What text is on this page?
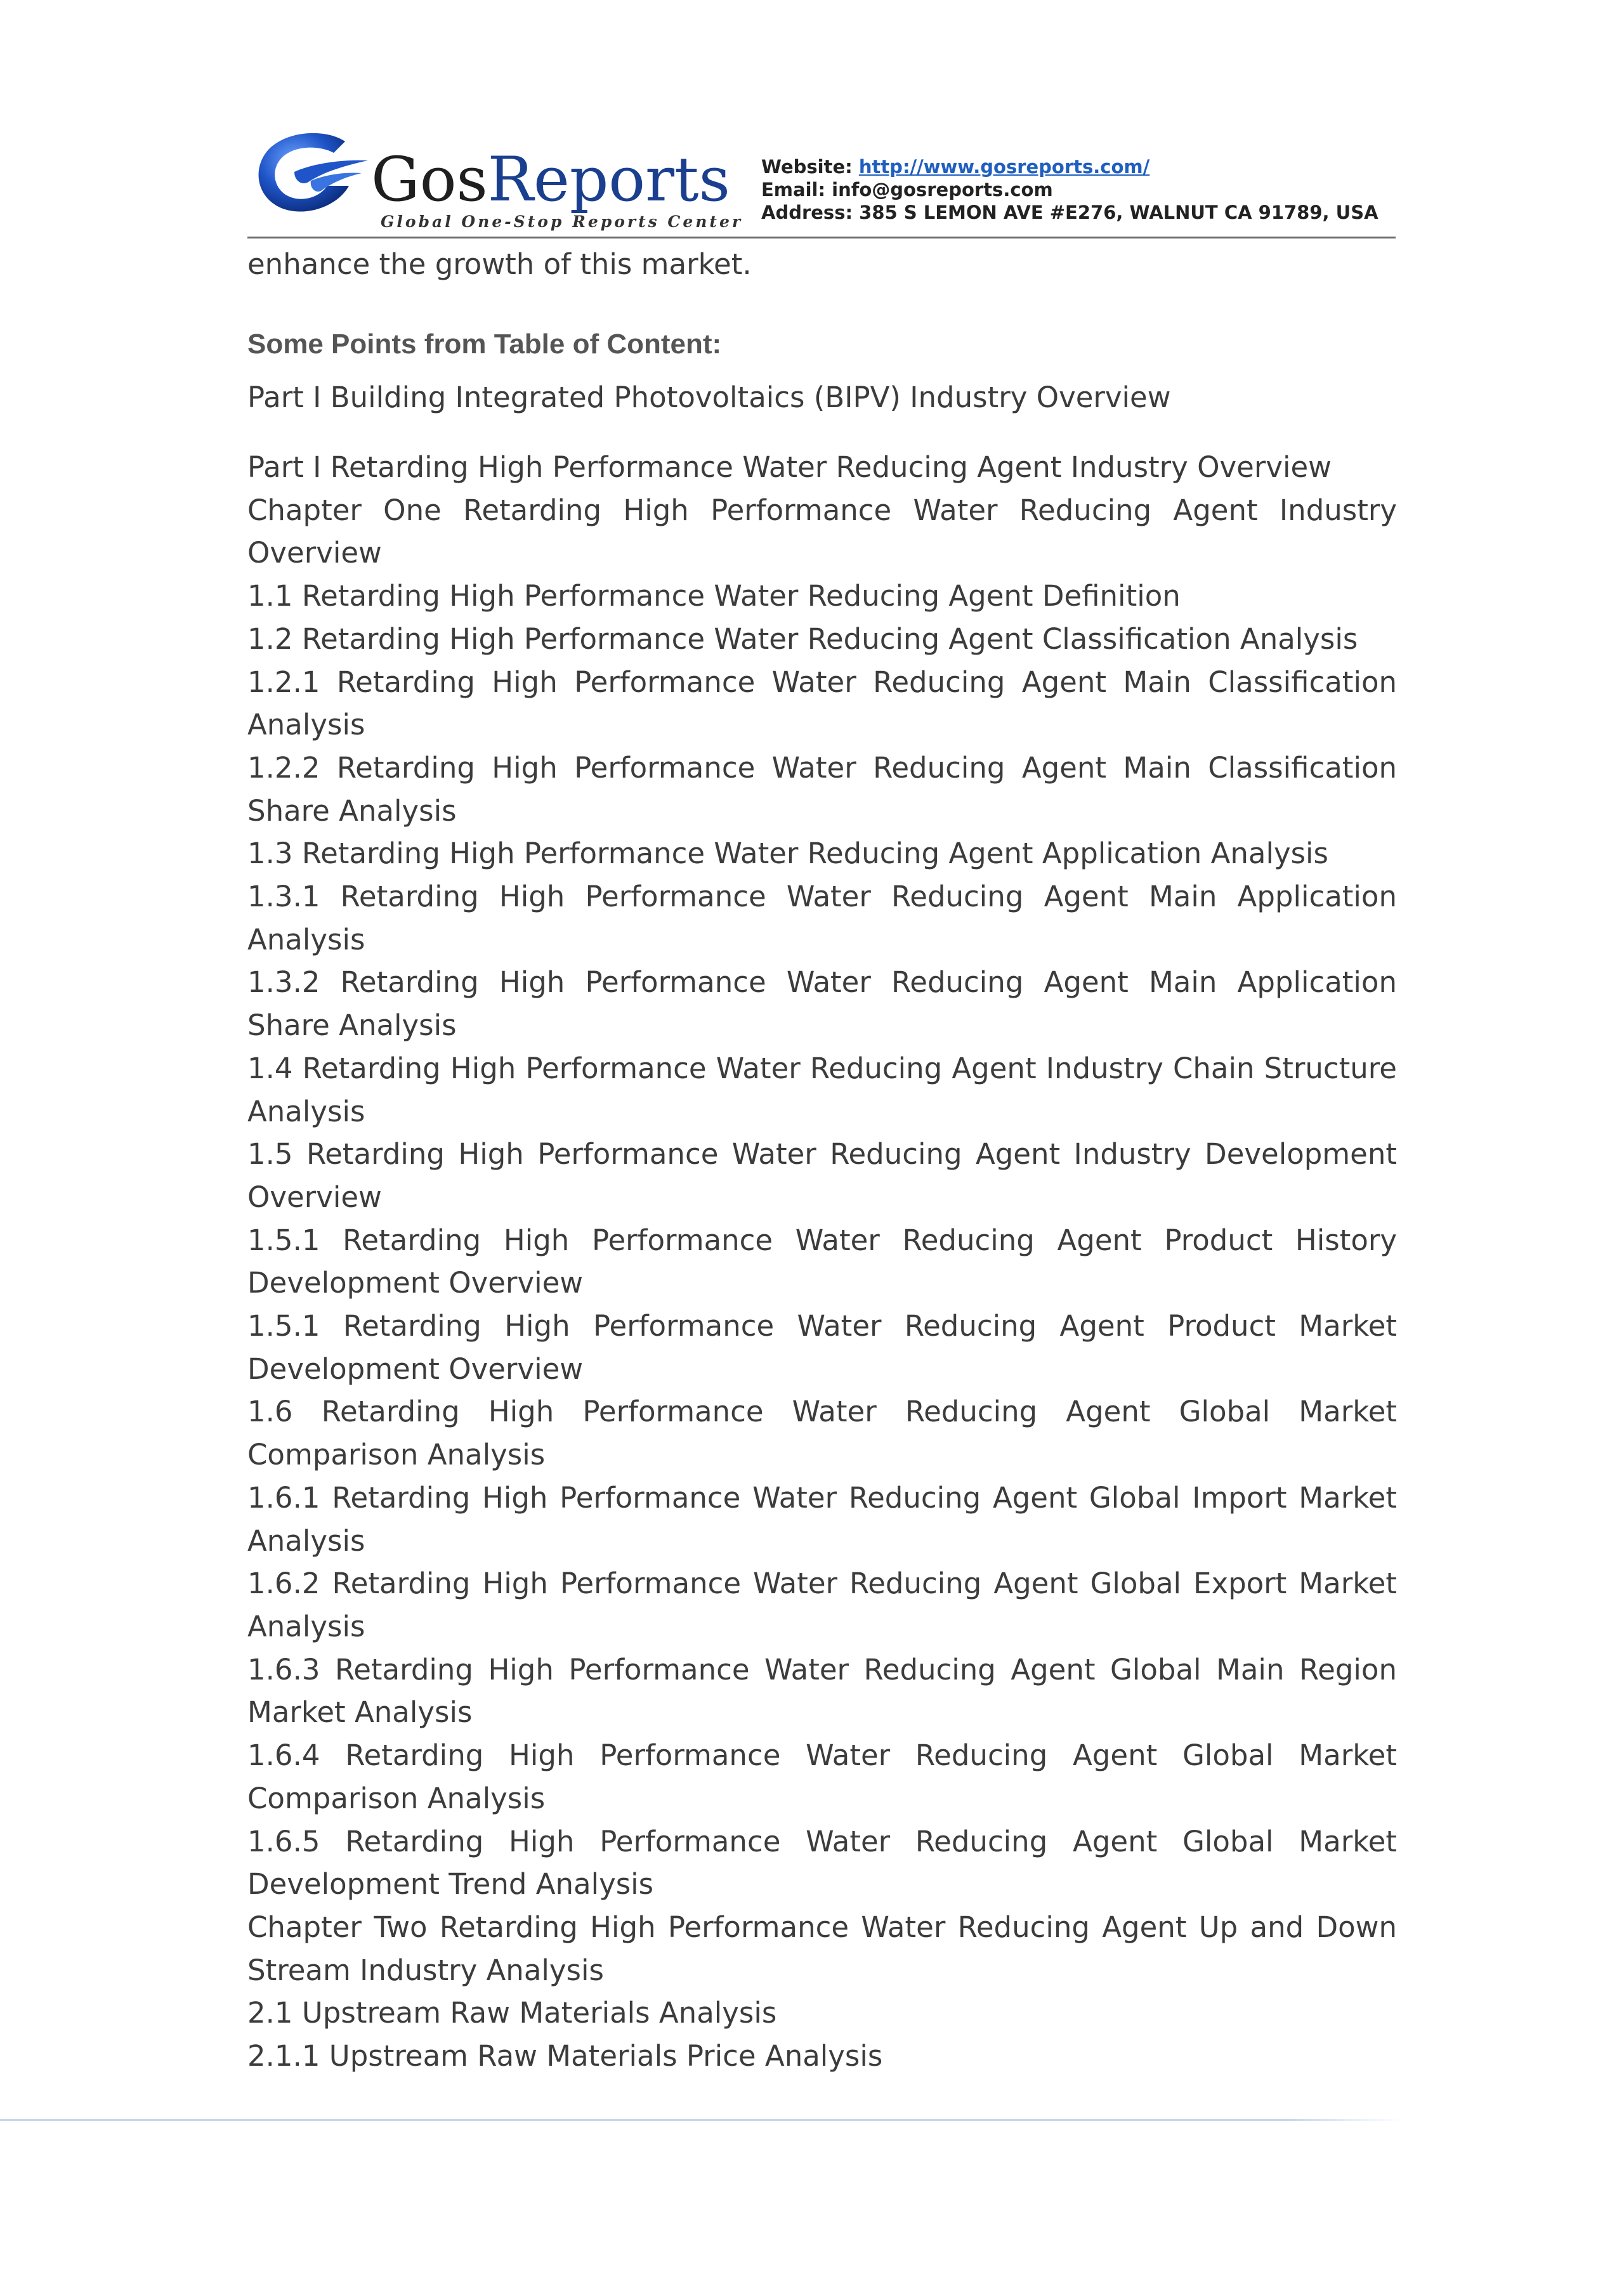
GosReports
Global One-Stop Reports Center
Website: http://www.gosreports.com/
Email: info@gosreports.com
Address: 385 S LEMON AVE #E276, WALNUT CA 91789, USA
enhance the growth of this market.
Some Points from Table of Content:
Part I Building Integrated Photovoltaics (BIPV) Industry Overview
Part I Retarding High Performance Water Reducing Agent Industry Overview
Chapter One Retarding High Performance Water Reducing Agent Industry Overview
1.1 Retarding High Performance Water Reducing Agent Definition
1.2 Retarding High Performance Water Reducing Agent Classification Analysis
1.2.1 Retarding High Performance Water Reducing Agent Main Classification Analysis
1.2.2 Retarding High Performance Water Reducing Agent Main Classification Share Analysis
1.3 Retarding High Performance Water Reducing Agent Application Analysis
1.3.1 Retarding High Performance Water Reducing Agent Main Application Analysis
1.3.2 Retarding High Performance Water Reducing Agent Main Application Share Analysis
1.4 Retarding High Performance Water Reducing Agent Industry Chain Structure Analysis
1.5 Retarding High Performance Water Reducing Agent Industry Development Overview
1.5.1 Retarding High Performance Water Reducing Agent Product History Development Overview
1.5.1 Retarding High Performance Water Reducing Agent Product Market Development Overview
1.6 Retarding High Performance Water Reducing Agent Global Market Comparison Analysis
1.6.1 Retarding High Performance Water Reducing Agent Global Import Market Analysis
1.6.2 Retarding High Performance Water Reducing Agent Global Export Market Analysis
1.6.3 Retarding High Performance Water Reducing Agent Global Main Region Market Analysis
1.6.4 Retarding High Performance Water Reducing Agent Global Market Comparison Analysis
1.6.5 Retarding High Performance Water Reducing Agent Global Market Development Trend Analysis
Chapter Two Retarding High Performance Water Reducing Agent Up and Down Stream Industry Analysis
2.1 Upstream Raw Materials Analysis
2.1.1 Upstream Raw Materials Price Analysis
